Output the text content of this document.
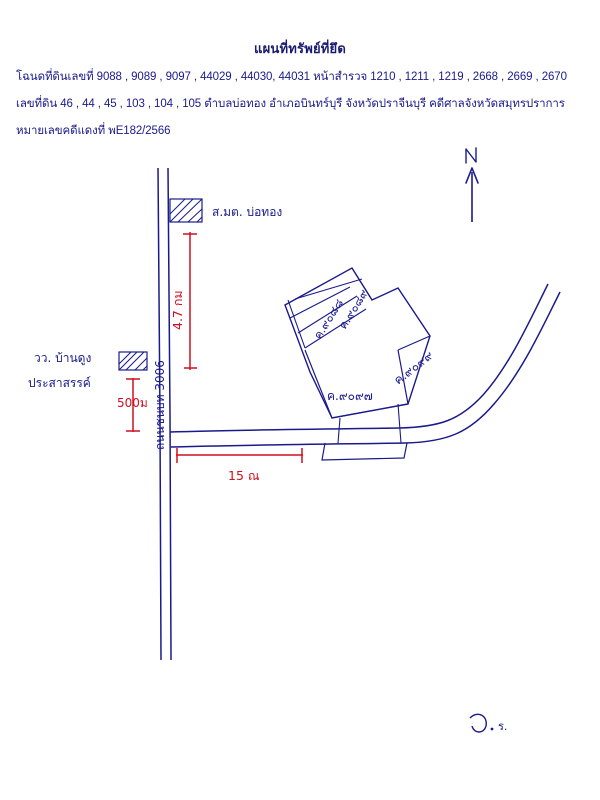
แผนที่ทรัพย์ที่ยึด
โฉนดที่ดินเลขที่ 9088 , 9089 , 9097 , 44029 , 44030, 44031 หน้าสำรวจ 1210 , 1211 , 1219 , 2668 , 2669 , 2670
เลขที่ดิน 46 , 44 , 45 , 103 , 104 , 105 ตำบลบ่อทอง อำเภอบินทร์บุรี จังหวัดปราจีนบุรี คดีศาลจังหวัดสมุทรปราการ
หมายเลขคดีแดงที่ พE182/2566
ส.มต. บ่อทอง
วว. บ้านดูง
ประสาสรรค์
4.7 กม
500ม
15 ณ
ถนนชนบท 3006
ค.๙๐๘๘
ค.๙๐๘๙
ค.๙๐๙๗
ค.๙๐๙๙
ร.
